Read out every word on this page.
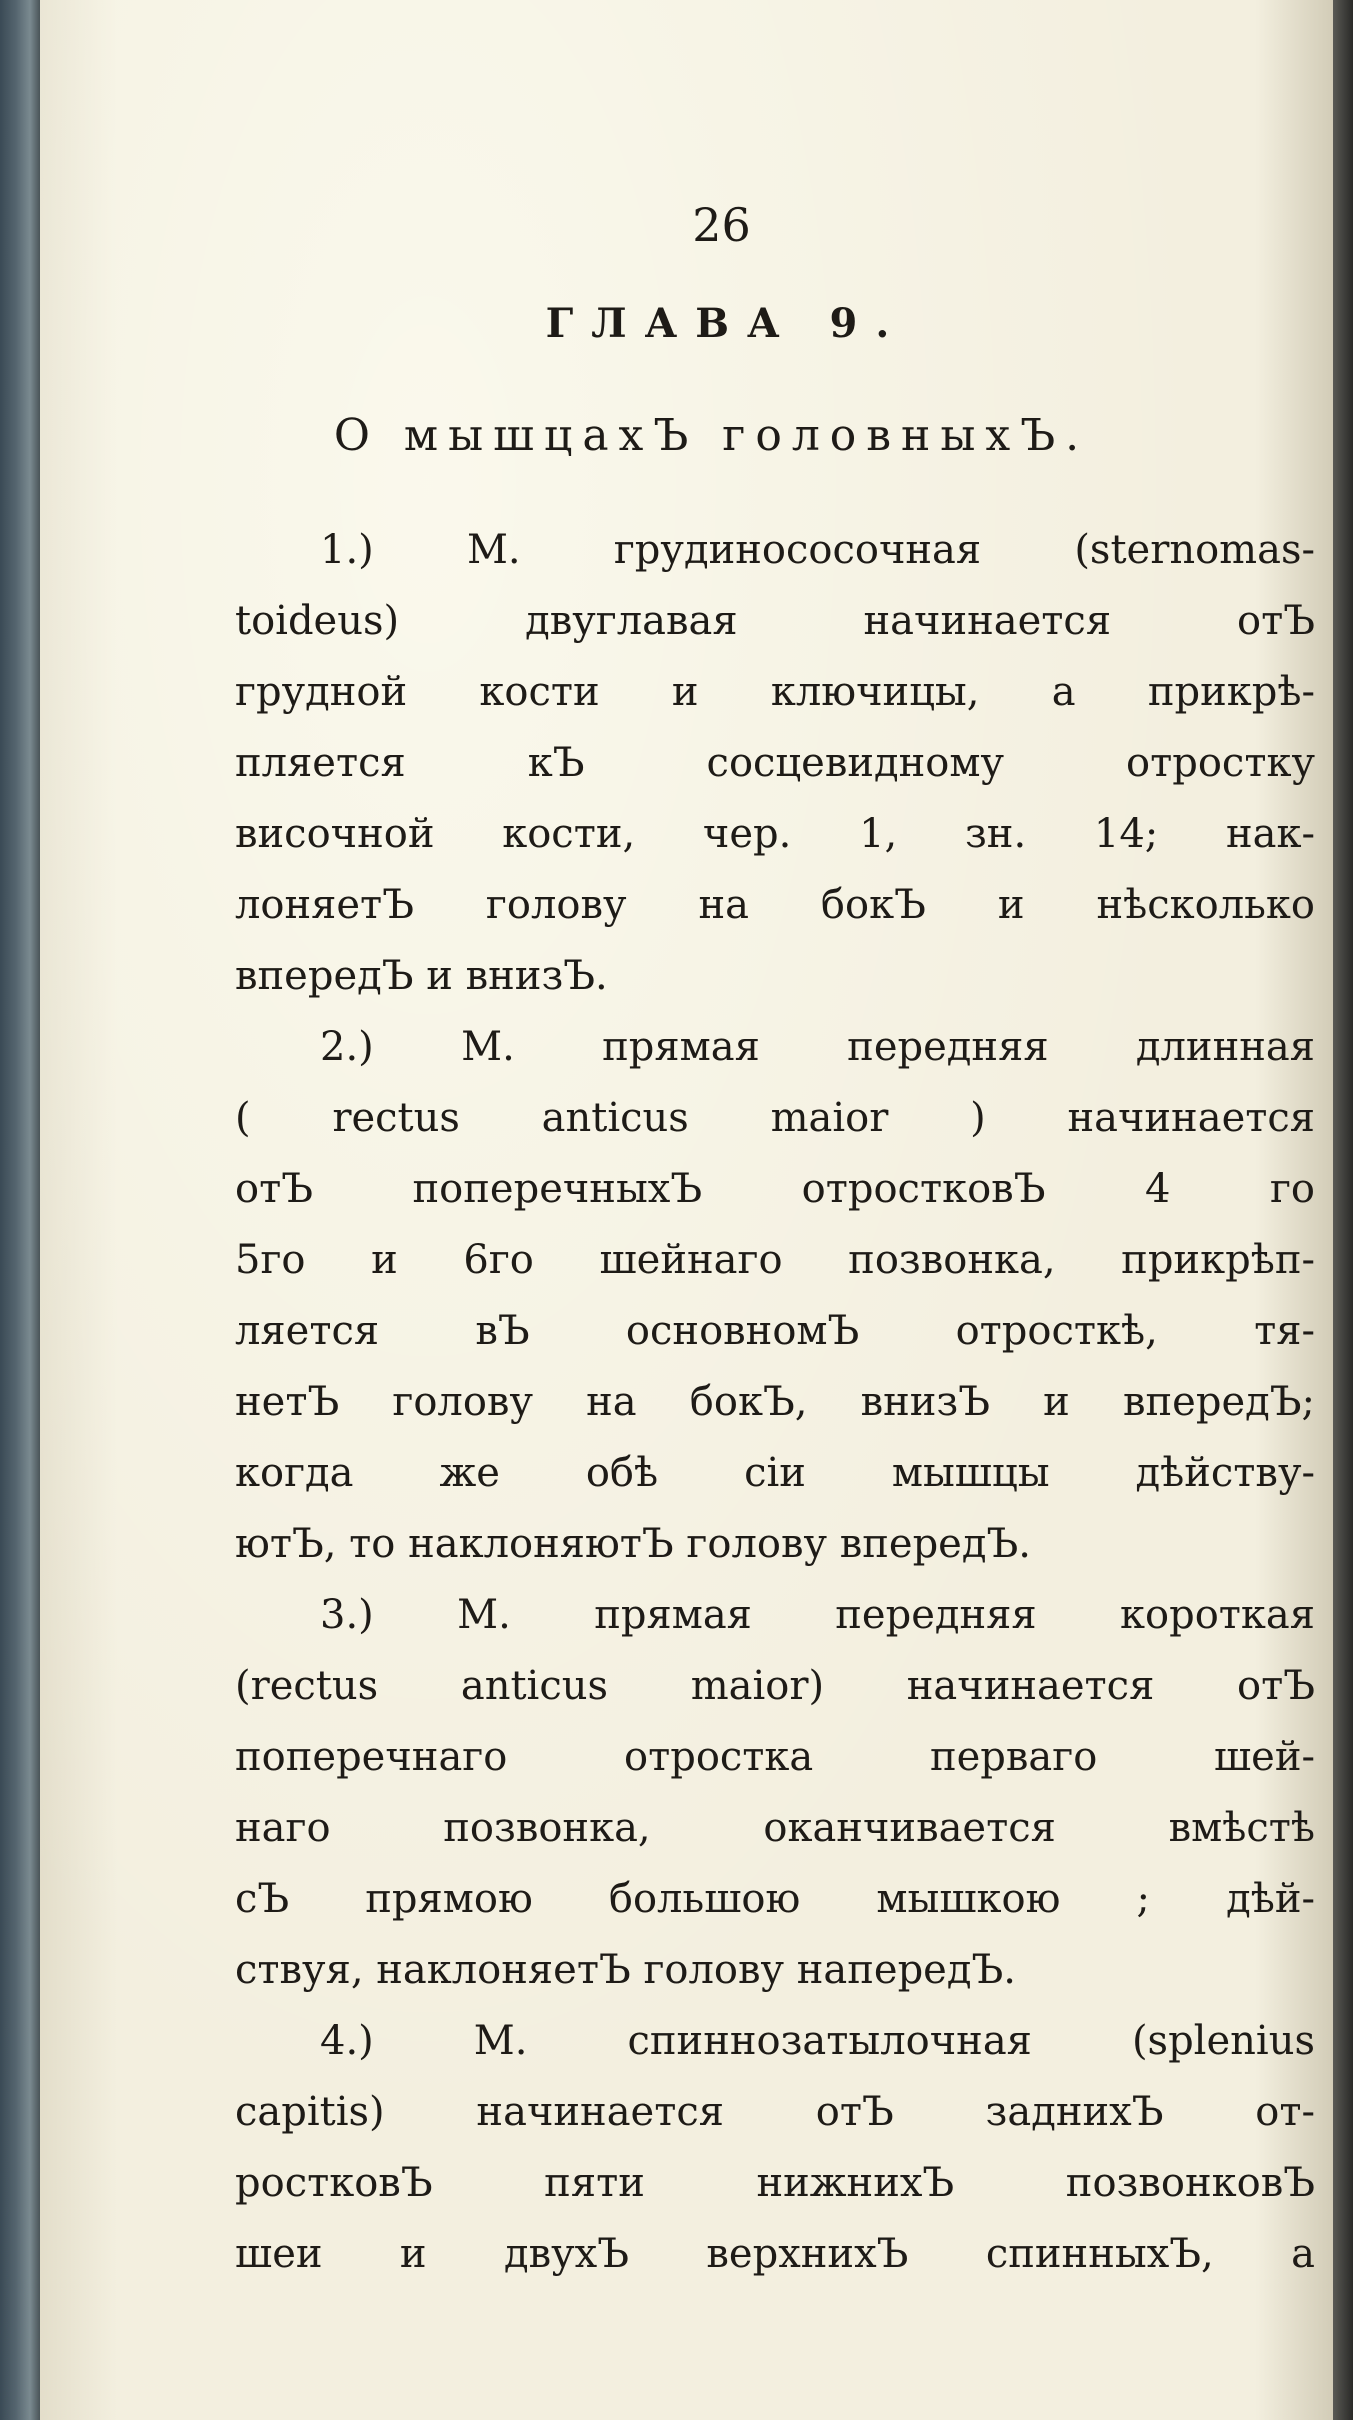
26
ГЛАВА 9.
О мышцахЪ головныхЪ.
1.) М. грудинососочная (sternomas-
toideus) двуглавая начинается отЪ
грудной кости и ключицы, а прикрѣ-
пляется кЪ сосцевидному отростку
височной кости, чер. 1, зн. 14; нак-
лоняетЪ голову на бокЪ и нѣсколько
впередЪ и внизЪ.
2.) М. прямая передняя длинная
( rectus anticus maior ) начинается
отЪ поперечныхЪ отростковЪ 4 го
5го и 6го шейнаго позвонка, прикрѣп-
ляется вЪ основномЪ отросткѣ, тя-
нетЪ голову на бокЪ, внизЪ и впередЪ;
когда же обѣ сіи мышцы дѣйству-
ютЪ, то наклоняютЪ голову впередЪ.
3.) М. прямая передняя короткая
(rectus anticus maior) начинается отЪ
поперечнаго отростка перваго шей-
наго позвонка, оканчивается вмѣстѣ
сЪ прямою большою мышкою ; дѣй-
ствуя, наклоняетЪ голову напередЪ.
4.) М. спиннозатылочная (splenius
capitis) начинается отЪ заднихЪ от-
ростковЪ пяти нижнихЪ позвонковЪ
шеи и двухЪ верхнихЪ спинныхЪ, а
